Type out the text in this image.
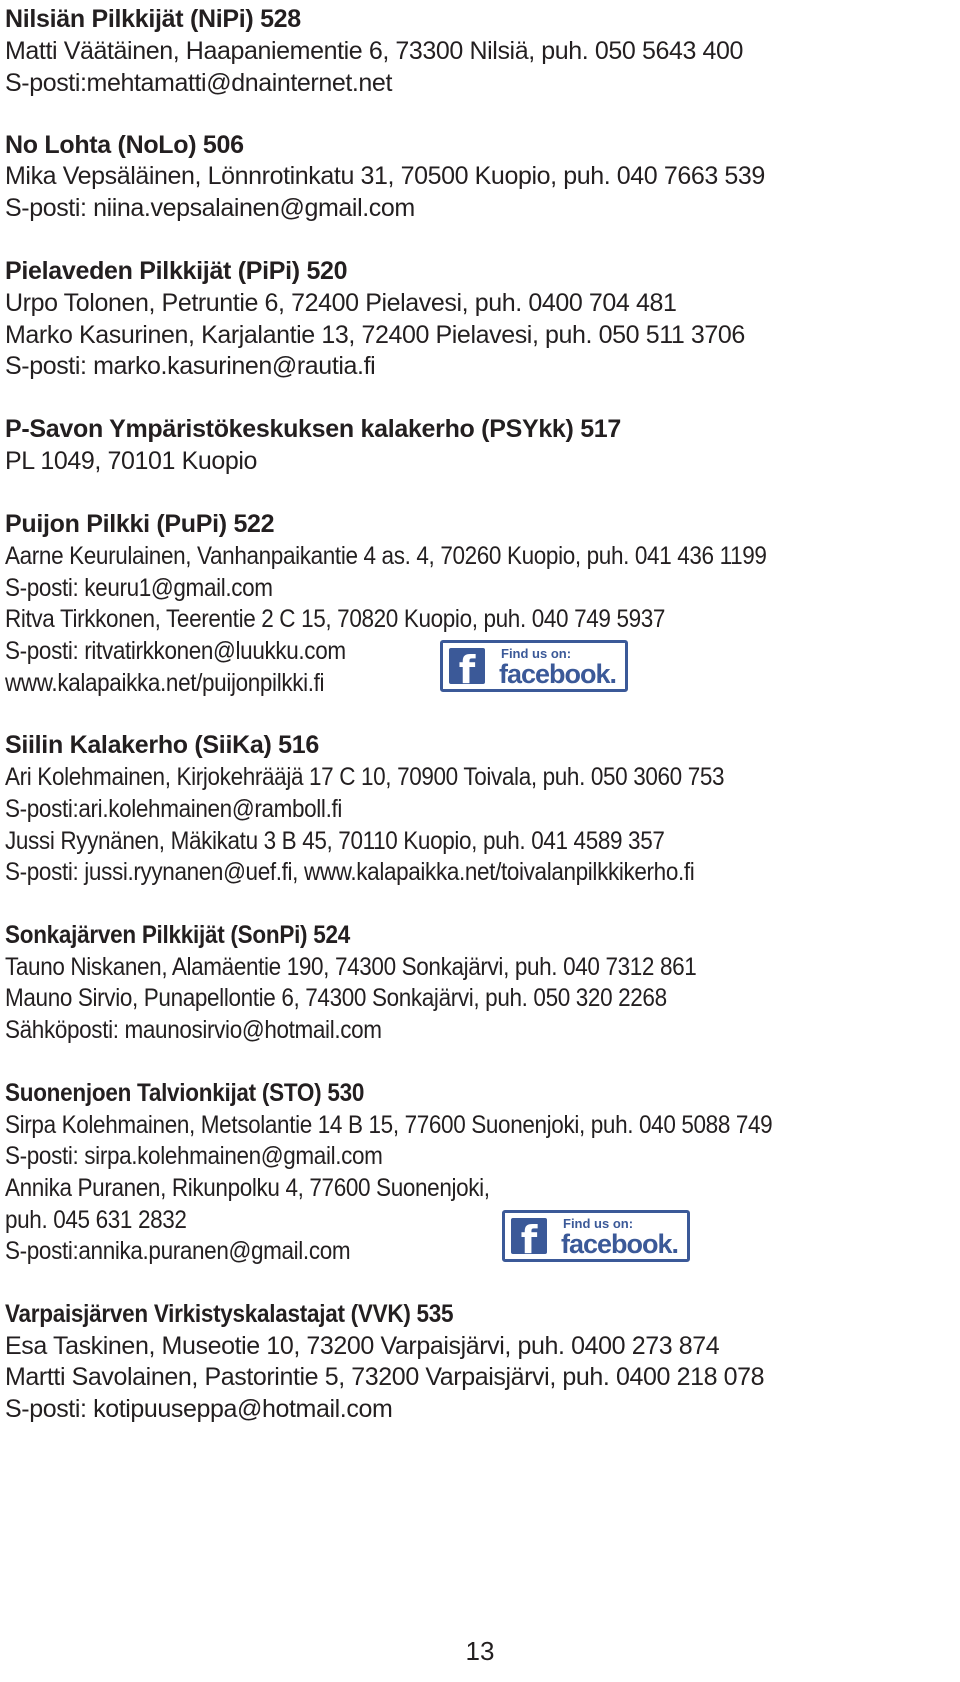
Nilsiän Pilkkijät (NiPi) 528
Matti Väätäinen, Haapaniementie 6, 73300 Nilsiä, puh. 050 5643 400
S-posti:mehtamatti@dnainternet.net
No Lohta (NoLo) 506
Mika Vepsäläinen, Lönnrotinkatu 31, 70500 Kuopio, puh. 040 7663 539
S-posti: niina.vepsalainen@gmail.com
Pielaveden Pilkkijät (PiPi) 520
Urpo Tolonen, Petruntie 6, 72400 Pielavesi, puh. 0400 704 481
Marko Kasurinen, Karjalantie 13, 72400 Pielavesi, puh. 050 511 3706
S-posti: marko.kasurinen@rautia.fi
P-Savon Ympäristökeskuksen kalakerho (PSYkk) 517
PL 1049, 70101 Kuopio
Puijon Pilkki (PuPi) 522
Aarne Keurulainen, Vanhanpaikantie 4 as. 4, 70260 Kuopio, puh. 041 436 1199
S-posti: keuru1@gmail.com
Ritva Tirkkonen, Teerentie 2 C 15, 70820 Kuopio, puh. 040 749 5937
S-posti: ritvatirkkonen@luukku.com
www.kalapaikka.net/puijonpilkki.fi	f	Find us on:
facebook.
Siilin Kalakerho (SiiKa) 516
Ari Kolehmainen, Kirjokehrääjä 17 C 10, 70900 Toivala, puh. 050 3060 753
S-posti:ari.kolehmainen@ramboll.fi
Jussi Ryynänen, Mäkikatu 3 B 45, 70110 Kuopio, puh. 041 4589 357
S-posti: jussi.ryynanen@uef.fi, www.kalapaikka.net/toivalanpilkkikerho.fi
Sonkajärven Pilkkijät (SonPi) 524
Tauno Niskanen, Alamäentie 190, 74300 Sonkajärvi, puh. 040 7312 861
Mauno Sirvio, Punapellontie 6, 74300 Sonkajärvi, puh. 050 320 2268
Sähköposti: maunosirvio@hotmail.com
Suonenjoen Talvionkijat (STO) 530
Sirpa Kolehmainen, Metsolantie 14 B 15, 77600 Suonenjoki, puh. 040 5088 749
S-posti: sirpa.kolehmainen@gmail.com
Annika Puranen, Rikunpolku 4, 77600 Suonenjoki,
puh. 045 631 2832
S-posti:annika.puranen@gmail.com	f	Find us on:
facebook.
Varpaisjärven Virkistyskalastajat (VVK) 535
Esa Taskinen, Museotie 10, 73200 Varpaisjärvi, puh. 0400 273 874
Martti Savolainen, Pastorintie 5, 73200 Varpaisjärvi, puh. 0400 218 078
S-posti: kotipuuseppa@hotmail.com
13
